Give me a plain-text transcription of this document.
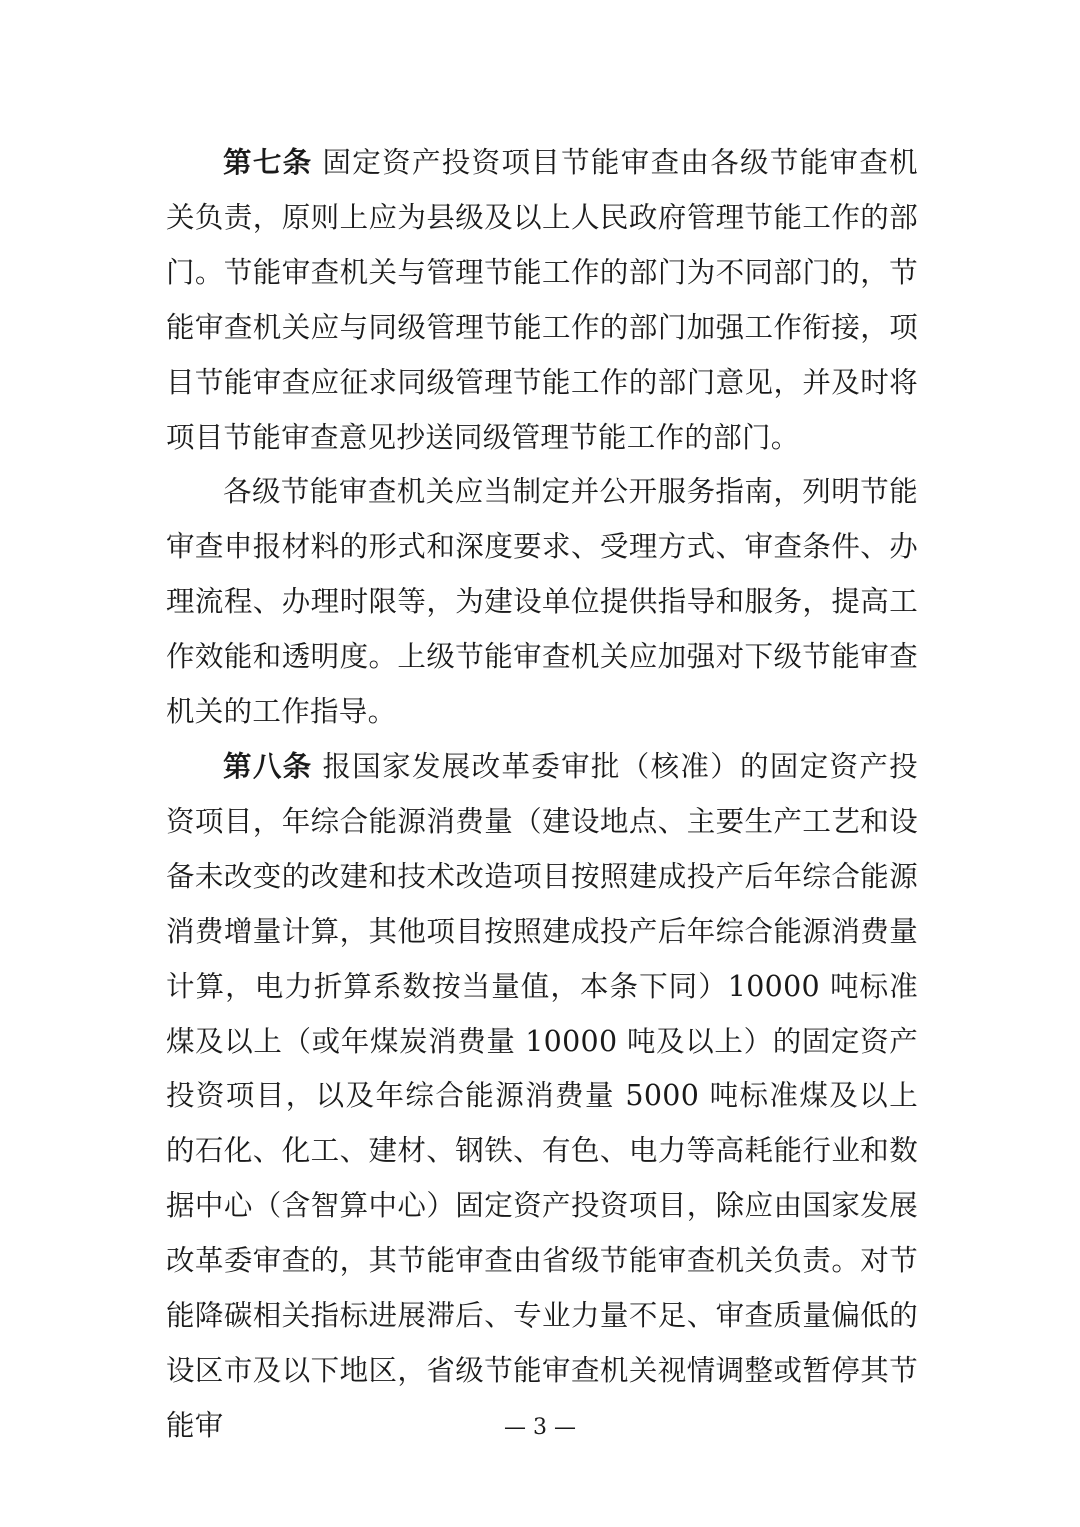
第七条 固定资产投资项目节能审查由各级节能审查机关负责，原则上应为县级及以上人民政府管理节能工作的部门。节能审查机关与管理节能工作的部门为不同部门的，节能审查机关应与同级管理节能工作的部门加强工作衔接，项目节能审查应征求同级管理节能工作的部门意见，并及时将项目节能审查意见抄送同级管理节能工作的部门。

各级节能审查机关应当制定并公开服务指南，列明节能审查申报材料的形式和深度要求、受理方式、审查条件、办理流程、办理时限等，为建设单位提供指导和服务，提高工作效能和透明度。上级节能审查机关应加强对下级节能审查机关的工作指导。

第八条 报国家发展改革委审批（核准）的固定资产投资项目，年综合能源消费量（建设地点、主要生产工艺和设备未改变的改建和技术改造项目按照建成投产后年综合能源消费增量计算，其他项目按照建成投产后年综合能源消费量计算，电力折算系数按当量值，本条下同）10000 吨标准煤及以上（或年煤炭消费量 10000 吨及以上）的固定资产投资项目，以及年综合能源消费量 5000 吨标准煤及以上的石化、化工、建材、钢铁、有色、电力等高耗能行业和数据中心（含智算中心）固定资产投资项目，除应由国家发展改革委审查的，其节能审查由省级节能审查机关负责。对节能降碳相关指标进展滞后、专业力量不足、审查质量偏低的设区市及以下地区，省级节能审查机关视情调整或暂停其节能审	— 3 —
